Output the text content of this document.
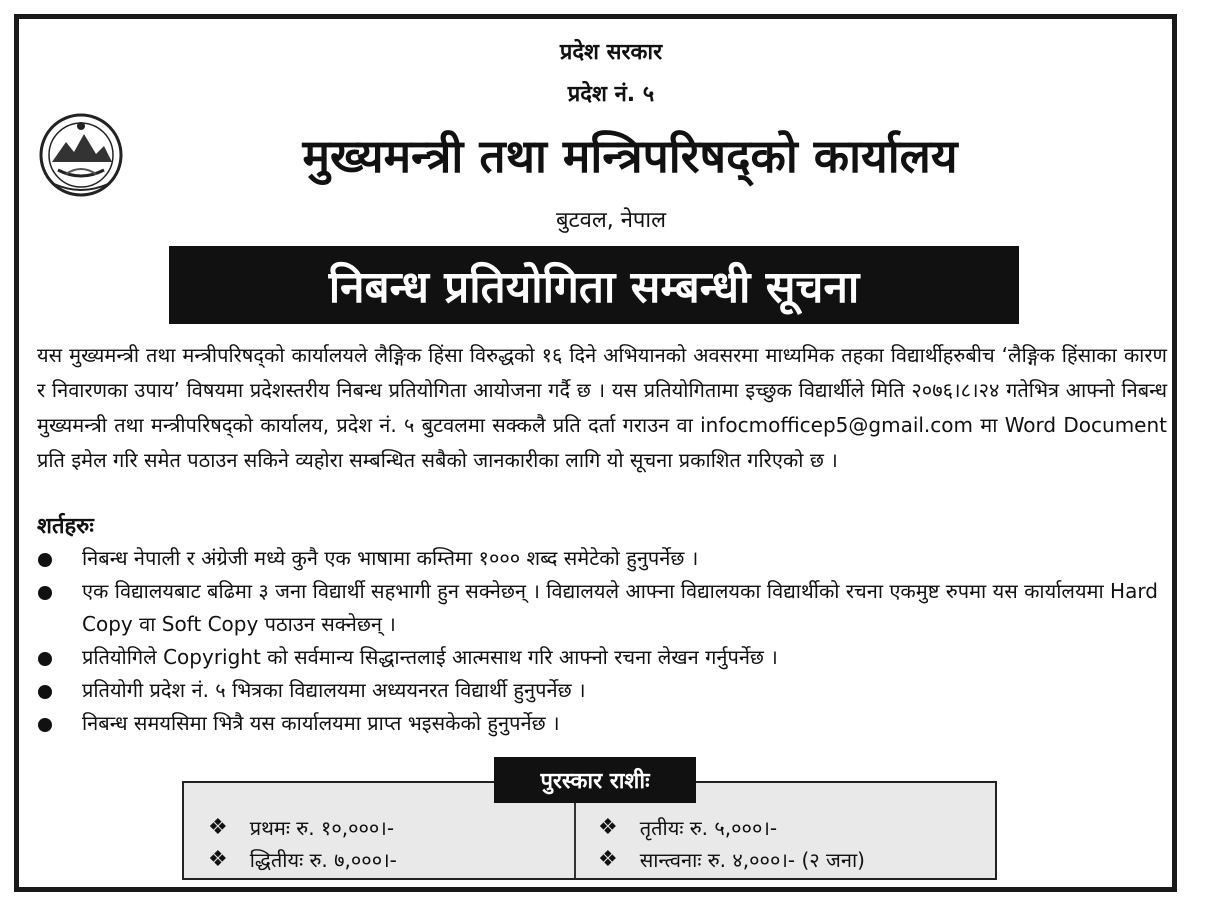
प्रदेश सरकार
प्रदेश नं. ५
मुख्यमन्त्री तथा मन्त्रिपरिषद्को कार्यालय
बुटवल, नेपाल
निबन्ध प्रतियोगिता सम्बन्धी सूचना
यस मुख्यमन्त्री तथा मन्त्रीपरिषद्को कार्यालयले लैङ्गिक हिंसा विरुद्धको १६ दिने अभियानको अवसरमा माध्यमिक तहका विद्यार्थीहरुबीच ‘लैङ्गिक हिंसाका कारण र निवारणका उपाय’ विषयमा प्रदेशस्तरीय निबन्ध प्रतियोगिता आयोजना गर्दै छ । यस प्रतियोगितामा इच्छुक विद्यार्थीले मिति २०७६।८।२४ गतेभित्र आफ्नो निबन्ध मुख्यमन्त्री तथा मन्त्रीपरिषद्को कार्यालय, प्रदेश नं. ५ बुटवलमा सक्कलै प्रति दर्ता गराउन वा infocmofficep5@gmail.com मा Word Document प्रति इमेल गरि समेत पठाउन सकिने व्यहोरा सम्बन्धित सबैको जानकारीका लागि यो सूचना प्रकाशित गरिएको छ ।
शर्तहरुः
निबन्ध नेपाली र अंग्रेजी मध्ये कुनै एक भाषामा कम्तिमा १००० शब्द समेटेको हुनुपर्नेछ ।
एक विद्यालयबाट बढिमा ३ जना विद्यार्थी सहभागी हुन सक्नेछन् । विद्यालयले आफ्ना विद्यालयका विद्यार्थीको रचना एकमुष्ट रुपमा यस कार्यालयमा Hard Copy वा Soft Copy पठाउन सक्नेछन् ।
प्रतियोगिले Copyright को सर्वमान्य सिद्धान्तलाई आत्मसाथ गरि आफ्नो रचना लेखन गर्नुपर्नेछ ।
प्रतियोगी प्रदेश नं. ५ भित्रका विद्यालयमा अध्ययनरत विद्यार्थी हुनुपर्नेछ ।
निबन्ध समयसिमा भित्रै यस कार्यालयमा प्राप्त भइसकेको हुनुपर्नेछ ।
पुरस्कार राशीः
❖ प्रथमः रु. १०,०००।-
❖ द्धितीयः रु. ७,०००।-
❖ तृतीयः रु. ५,०००।-
❖ सान्त्वनाः रु. ४,०००।- (२ जना)
